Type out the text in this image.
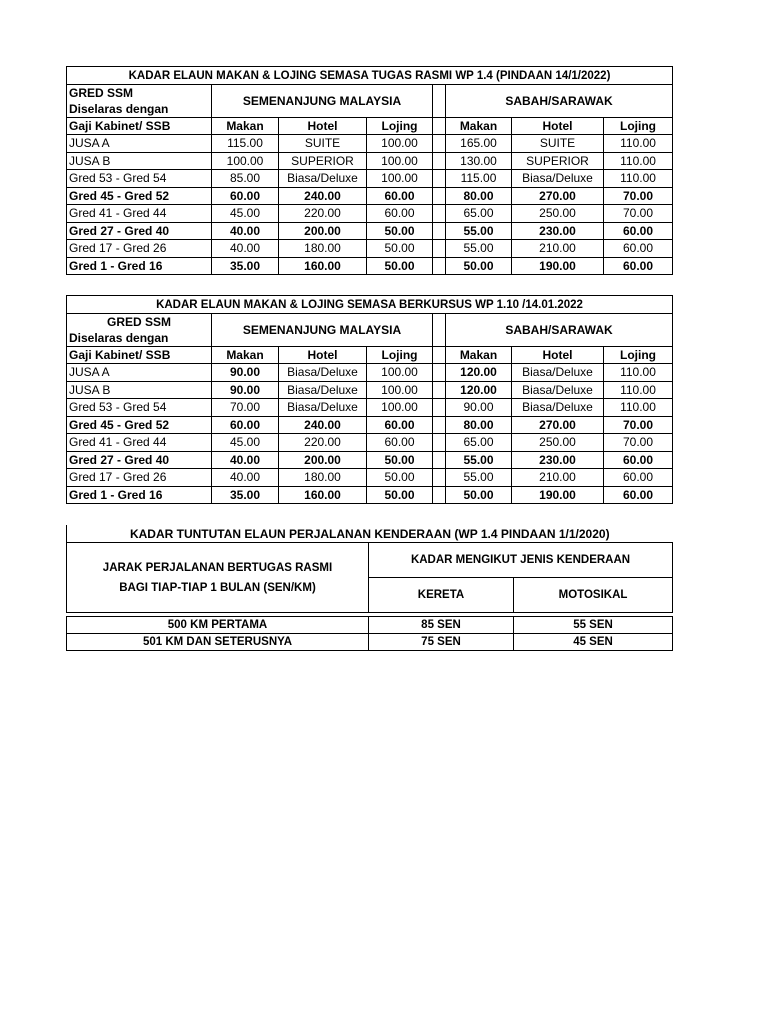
KADAR ELAUN MAKAN & LOJING SEMASA TUGAS RASMI WP 1.4 (PINDAAN 14/1/2022)							
GRED SSM	SEMENANJUNG MALAYSIA				SABAH/SARAWAK		
Diselaras dengan							
Gaji Kabinet/ SSB	Makan	Hotel	Lojing		Makan	Hotel	Lojing
JUSA A	115.00	SUITE	100.00		165.00	SUITE	110.00
JUSA B	100.00	SUPERIOR	100.00		130.00	SUPERIOR	110.00
Gred 53 - Gred 54	85.00	Biasa/Deluxe	100.00		115.00	Biasa/Deluxe	110.00
Gred 45 - Gred 52	60.00	240.00	60.00		80.00	270.00	70.00
Gred 41 - Gred 44	45.00	220.00	60.00		65.00	250.00	70.00
Gred 27 - Gred 40	40.00	200.00	50.00		55.00	230.00	60.00
Gred 17 - Gred 26	40.00	180.00	50.00		55.00	210.00	60.00
Gred 1 - Gred 16	35.00	160.00	50.00		50.00	190.00	60.00
KADAR ELAUN MAKAN & LOJING SEMASA BERKURSUS WP 1.10 /14.01.2022							
GRED SSM	SEMENANJUNG MALAYSIA				SABAH/SARAWAK		
Diselaras dengan							
Gaji Kabinet/ SSB	Makan	Hotel	Lojing		Makan	Hotel	Lojing
JUSA A	90.00	Biasa/Deluxe	100.00		120.00	Biasa/Deluxe	110.00
JUSA B	90.00	Biasa/Deluxe	100.00		120.00	Biasa/Deluxe	110.00
Gred 53 - Gred 54	70.00	Biasa/Deluxe	100.00		90.00	Biasa/Deluxe	110.00
Gred 45 - Gred 52	60.00	240.00	60.00		80.00	270.00	70.00
Gred 41 - Gred 44	45.00	220.00	60.00		65.00	250.00	70.00
Gred 27 - Gred 40	40.00	200.00	50.00		55.00	230.00	60.00
Gred 17 - Gred 26	40.00	180.00	50.00		55.00	210.00	60.00
Gred 1 - Gred 16	35.00	160.00	50.00		50.00	190.00	60.00
KADAR TUNTUTAN ELAUN PERJALANAN KENDERAAN (WP 1.4 PINDAAN 1/1/2020)		
JARAK PERJALANAN BERTUGAS RASMI
BAGI TIAP-TIAP 1 BULAN (SEN/KM)	KADAR MENGIKUT JENIS KENDERAAN	
	KERETA	MOTOSIKAL

500 KM PERTAMA	85 SEN	55 SEN
501 KM DAN SETERUSNYA	75 SEN	45 SEN
